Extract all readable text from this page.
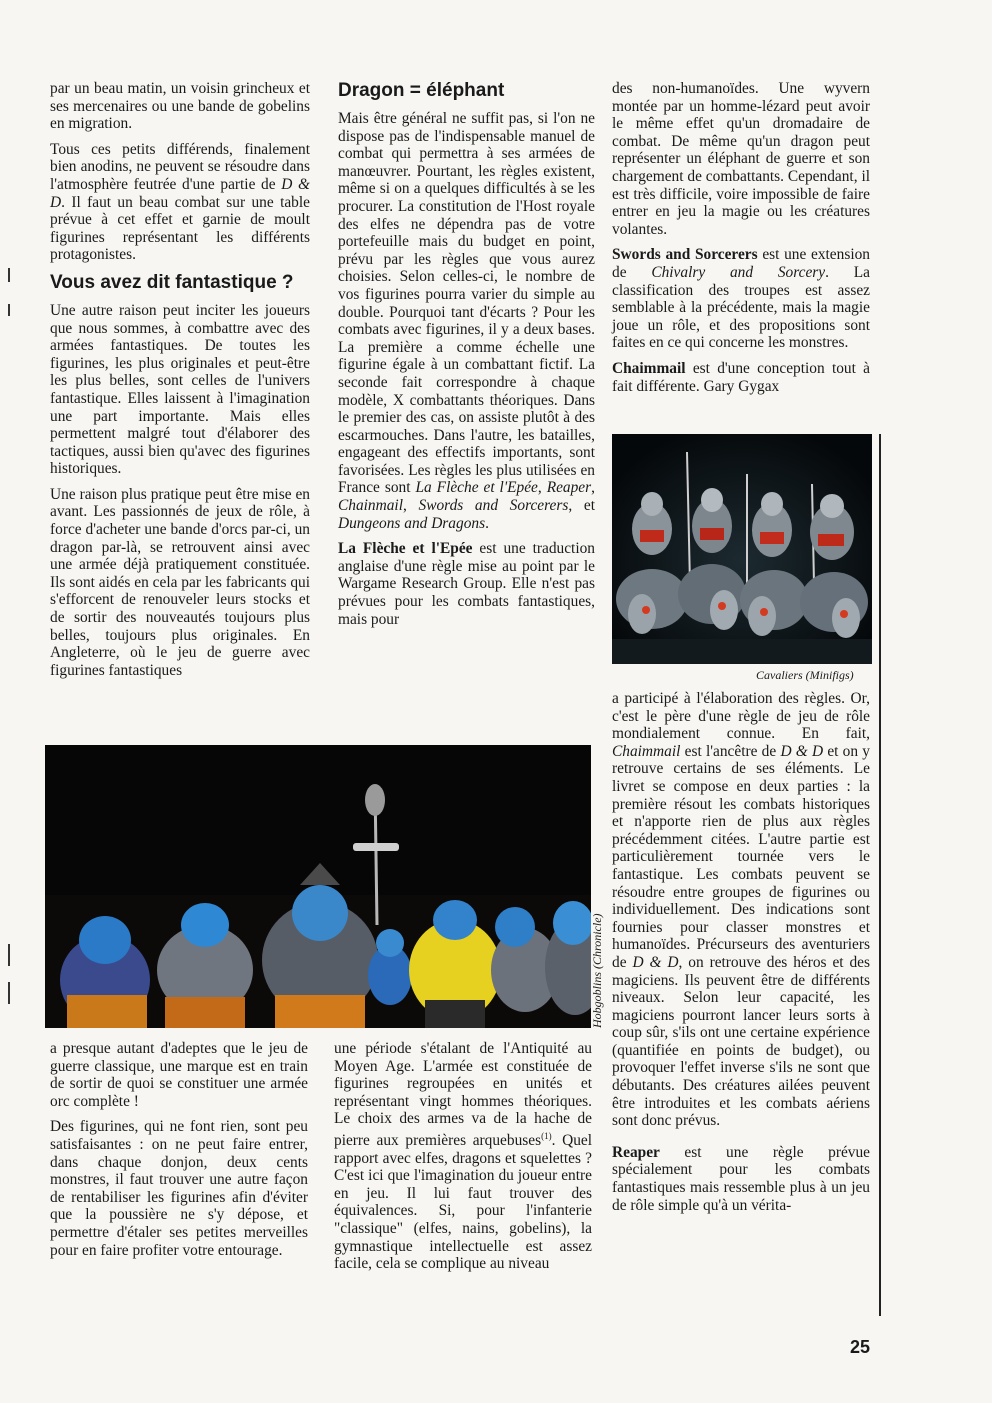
par un beau matin, un voisin grincheux et ses mercenaires ou une bande de gobelins en migration.

Tous ces petits différends, finalement bien anodins, ne peuvent se résoudre dans l'atmosphère feutrée d'une partie de D & D. Il faut un beau combat sur une table prévue à cet effet et garnie de moult figurines représentant les différents protagonistes.

Vous avez dit fantastique ?

Une autre raison peut inciter les joueurs que nous sommes, à combattre avec des armées fantastiques. De toutes les figurines, les plus originales et peut-être les plus belles, sont celles de l'univers fantastique. Elles laissent à l'imagination une part importante. Mais elles permettent malgré tout d'élaborer des tactiques, aussi bien qu'avec des figurines historiques.

Une raison plus pratique peut être mise en avant. Les passionnés de jeux de rôle, à force d'acheter une bande d'orcs par-ci, un dragon par-là, se retrouvent ainsi avec une armée déjà pratiquement constituée. Ils sont aidés en cela par les fabricants qui s'efforcent de renouveler leurs stocks et de sortir des nouveautés toujours plus belles, toujours plus originales. En Angleterre, où le jeu de guerre avec figurines fantastiques

Dragon = éléphant

Mais être général ne suffit pas, si l'on ne dispose pas de l'indispensable manuel de combat qui permettra à ses armées de manœuvrer. Pourtant, les règles existent, même si on a quelques difficultés à se les procurer. La constitution de l'Host royale des elfes ne dépendra pas de votre portefeuille mais du budget en point, prévu par les règles que vous aurez choisies. Selon celles-ci, le nombre de vos figurines pourra varier du simple au double. Pourquoi tant d'écarts ? Pour les combats avec figurines, il y a deux bases. La première a comme échelle une figurine égale à un combattant fictif. La seconde fait correspondre à chaque modèle, X combattants théoriques. Dans le premier des cas, on assiste plutôt à des escarmouches. Dans l'autre, les batailles, engageant des effectifs importants, sont favorisées. Les règles les plus utilisées en France sont La Flèche et l'Epée, Reaper, Chainmail, Swords and Sorcerers, et Dungeons and Dragons.

La Flèche et l'Epée est une traduction anglaise d'une règle mise au point par le Wargame Research Group. Elle n'est pas prévues pour les combats fantastiques, mais pour

des non-humanoïdes. Une wyvern montée par un homme-lézard peut avoir le même effet qu'un dromadaire de combat. De même qu'un dragon peut représenter un éléphant de guerre et son chargement de combattants. Cependant, il est très difficile, voire impossible de faire entrer en jeu la magie ou les créatures volantes.

Swords and Sorcerers est une extension de Chivalry and Sorcery. La classification des troupes est assez semblable à la précédente, mais la magie joue un rôle, et des propositions sont faites en ce qui concerne les monstres.

Chaimmail est d'une conception tout à fait différente. Gary Gygax

Cavaliers (Minifigs)

a participé à l'élaboration des règles. Or, c'est le père d'une règle de jeu de rôle mondialement connue. En fait, Chaimmail est l'ancêtre de D & D et on y retrouve certains de ses éléments. Le livret se compose en deux parties : la première résout les combats historiques et n'apporte rien de plus aux règles précédemment citées. L'autre partie est particulièrement tournée vers le fantastique. Les combats peuvent se résoudre entre groupes de figurines ou individuellement. Des indications sont fournies pour classer monstres et humanoïdes. Précurseurs des aventuriers de D & D, on retrouve des héros et des magiciens. Ils peuvent être de différents niveaux. Selon leur capacité, les magiciens pourront lancer leurs sorts à coup sûr, s'ils ont une certaine expérience (quantifiée en points de budget), ou provoquer l'effet inverse s'ils ne sont que débutants. Des créatures ailées peuvent être introduites et les combats aériens sont donc prévus.

Reaper est une règle prévue spécialement pour les combats fantastiques mais ressemble plus à un jeu de rôle simple qu'à un vérita-

Hobgoblins (Chronicle)

a presque autant d'adeptes que le jeu de guerre classique, une marque est en train de sortir de quoi se constituer une armée orc complète !

Des figurines, qui ne font rien, sont peu satisfaisantes : on ne peut faire entrer, dans chaque donjon, deux cents monstres, il faut trouver une autre façon de rentabiliser les figurines afin d'éviter que la poussière ne s'y dépose, et permettre d'étaler ses petites merveilles pour en faire profiter votre entourage.

une période s'étalant de l'Antiquité au Moyen Age. L'armée est constituée de figurines regroupées en unités et représentant vingt hommes théoriques. Le choix des armes va de la hache de pierre aux premières arquebuses$^{(1)}$. Quel rapport avec elfes, dragons et squelettes ? C'est ici que l'imagination du joueur entre en jeu. Il lui faut trouver des équivalences. Si, pour l'infanterie "classique" (elfes, nains, gobelins), la gymnastique intellectuelle est assez facile, cela se complique au niveau

25
